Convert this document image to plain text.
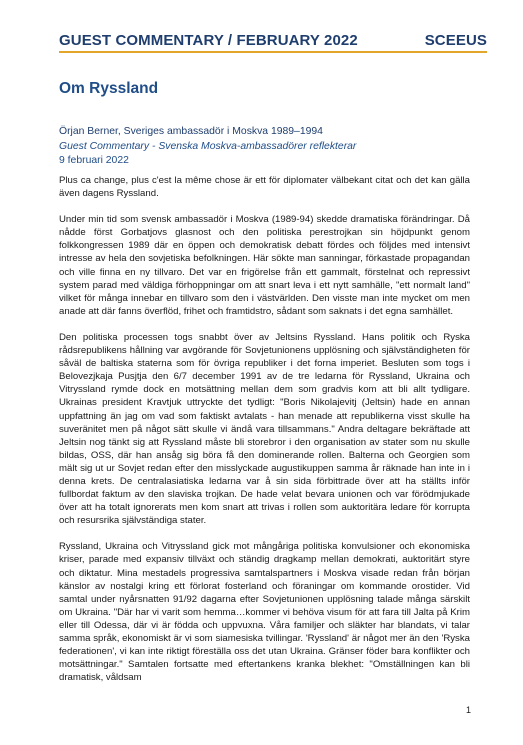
GUEST COMMENTARY / FEBRUARY 2022	SCEEUS
Om Ryssland
Örjan Berner, Sveriges ambassadör i Moskva 1989–1994
Guest Commentary - Svenska Moskva-ambassadörer reflekterar
9 februari 2022

Plus ca change, plus c'est la même chose är ett för diplomater välbekant citat och det kan gälla även dagens Ryssland.

Under min tid som svensk ambassadör i Moskva (1989-94) skedde dramatiska förändringar. Då nådde först Gorbatjovs glasnost och den politiska perestrojkan sin höjdpunkt genom folkkongressen 1989 där en öppen och demokratisk debatt fördes och följdes med intensivt intresse av hela den sovjetiska befolkningen. Här sökte man sanningar, förkastade propagandan och ville finna en ny tillvaro. Det var en frigörelse från ett gammalt, förstelnat och repressivt system parad med väldiga förhoppningar om att snart leva i ett nytt samhälle, "ett normalt land" vilket för många innebar en tillvaro som den i västvärlden. Den visste man inte mycket om men anade att där fanns överflöd, frihet och framtidstro, sådant som saknats i det egna samhället.

Den politiska processen togs snabbt över av Jeltsins Ryssland. Hans politik och Ryska rådsrepublikens hållning var avgörande för Sovjetunionens upplösning och självständigheten för såväl de baltiska staterna som för övriga republiker i det forna imperiet. Besluten som togs i Belovezjkaja Pusjtja den 6/7 december 1991 av de tre ledarna för Ryssland, Ukraina och Vitryssland rymde dock en motsättning mellan dem som gradvis kom att bli allt tydligare. Ukrainas president Kravtjuk uttryckte det tydligt: "Boris Nikolajevitj (Jeltsin) hade en annan uppfattning än jag om vad som faktiskt avtalats - han menade att republikerna visst skulle ha suveränitet men på något sätt skulle vi ändå vara tillsammans." Andra deltagare bekräftade att Jeltsin nog tänkt sig att Ryssland måste bli storebror i den organisation av stater som nu skulle bildas, OSS, där han ansåg sig böra få den dominerande rollen. Balterna och Georgien som mält sig ut ur Sovjet redan efter den misslyckade augustikuppen samma år räknade han inte in i denna krets. De centralasiatiska ledarna var å sin sida förbittrade över att ha ställts inför fullbordat faktum av den slaviska trojkan. De hade velat bevara unionen och var förödmjukade över att ha totalt ignorerats men kom snart att trivas i rollen som auktoritära ledare för korrupta och resursrika självständiga stater.

Ryssland, Ukraina och Vitryssland gick mot mångåriga politiska konvulsioner och ekonomiska kriser, parade med expansiv tillväxt och ständig dragkamp mellan demokrati, auktoritärt styre och diktatur. Mina mestadels progressiva samtalspartners i Moskva visade redan från början känslor av nostalgi kring ett förlorat fosterland och föraningar om kommande orostider. Vid samtal under nyårsnatten 91/92 dagarna efter Sovjetunionen upplösning talade många särskilt om Ukraina. "Där har vi varit som hemma…kommer vi behöva visum för att fara till Jalta på Krim eller till Odessa, där vi är födda och uppvuxna. Våra familjer och släkter har blandats, vi talar samma språk, ekonomiskt är vi som siamesiska tvillingar. 'Ryssland' är något mer än den 'Ryska federationen', vi kan inte riktigt föreställa oss det utan Ukraina. Gränser föder bara konflikter och motsättningar." Samtalen fortsatte med eftertankens kranka blekhet: "Omställningen kan bli dramatisk, våldsam

1
